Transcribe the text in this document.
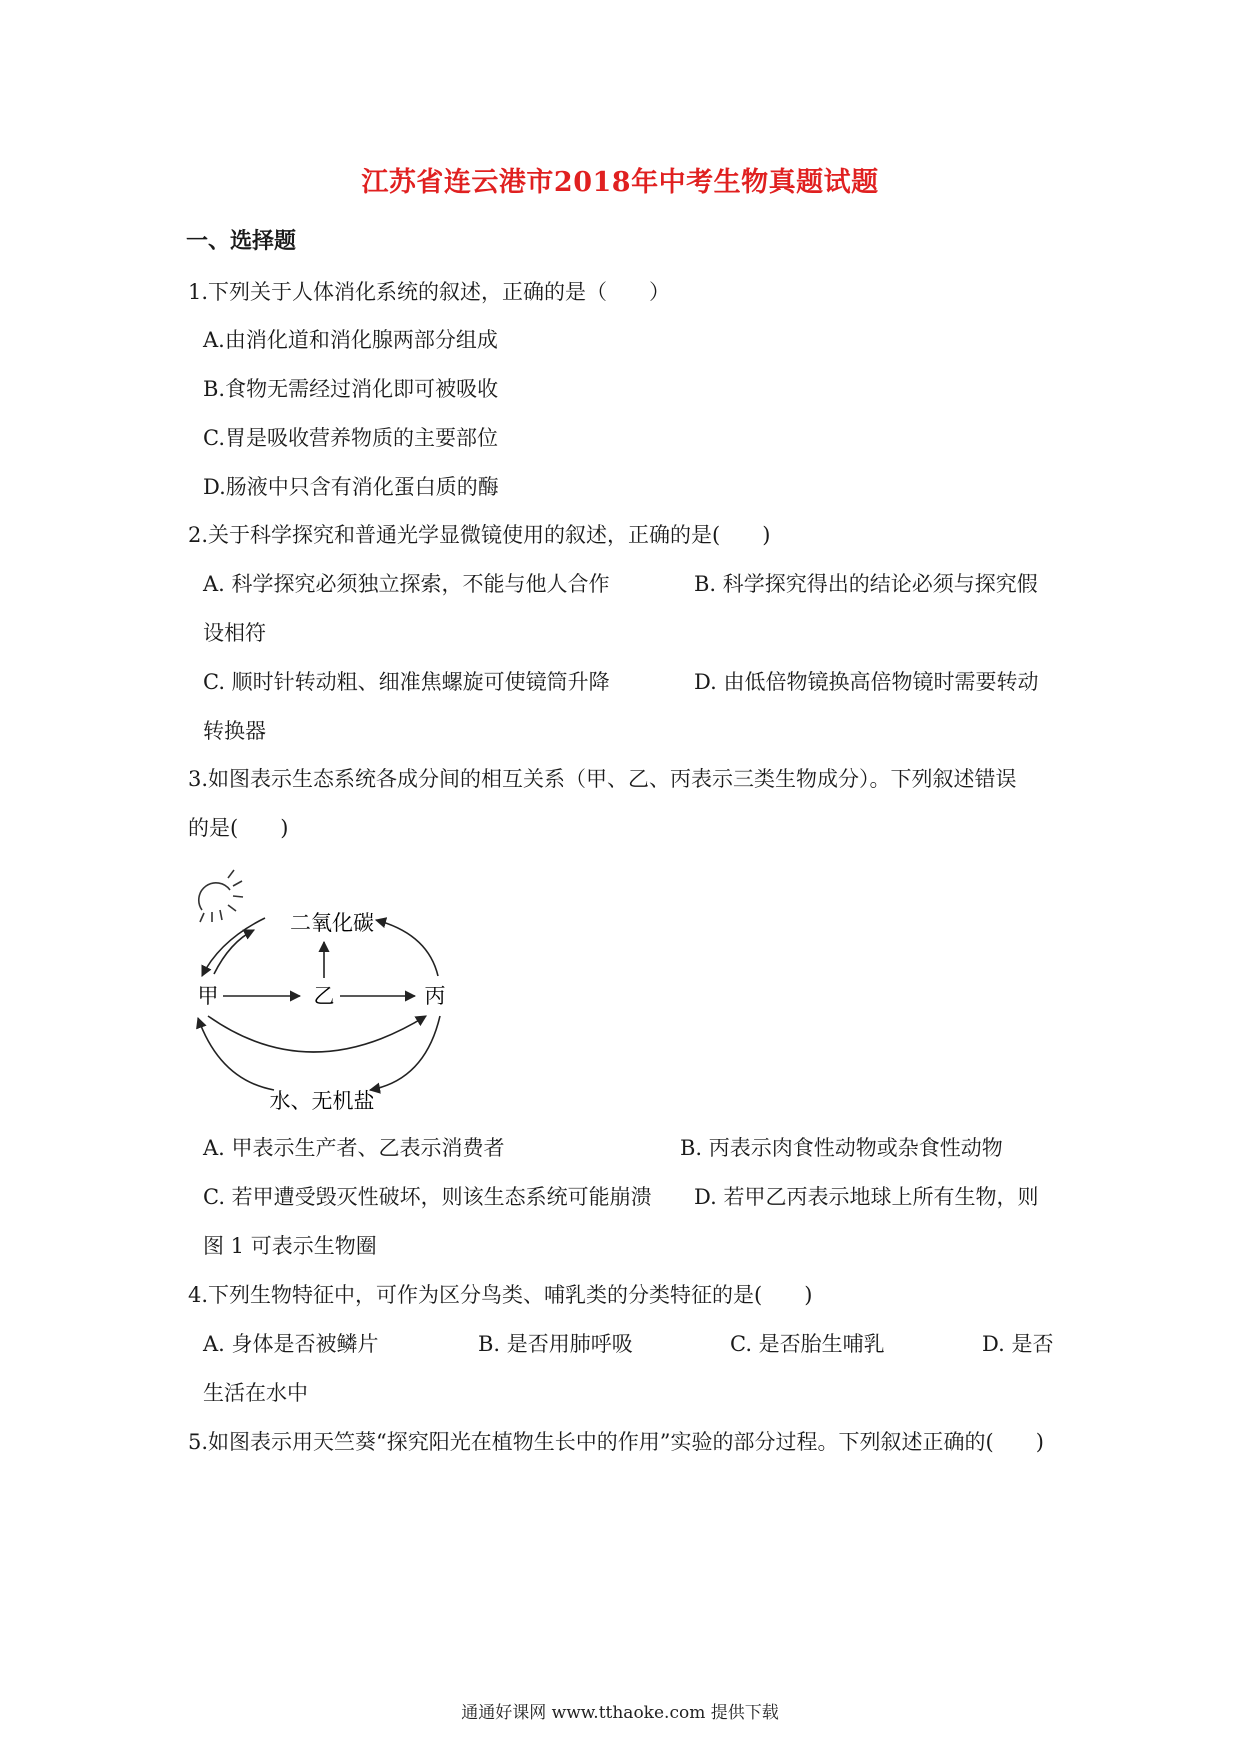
江苏省连云港市2018年中考生物真题试题
一、选择题
1.下列关于人体消化系统的叙述，正确的是（　　）
A.由消化道和消化腺两部分组成
B.食物无需经过消化即可被吸收
C.胃是吸收营养物质的主要部位
D.肠液中只含有消化蛋白质的酶
2.关于科学探究和普通光学显微镜使用的叙述，正确的是(　　)
A. 科学探究必须独立探索，不能与他人合作	B. 科学探究得出的结论必须与探究假
设相符
C. 顺时针转动粗、细准焦螺旋可使镜筒升降	D. 由低倍物镜换高倍物镜时需要转动
转换器
3.如图表示生态系统各成分间的相互关系（甲、乙、丙表示三类生物成分）。下列叙述错误
的是(　　)
二氧化碳
甲	乙	丙
水、无机盐
A. 甲表示生产者、乙表示消费者	B. 丙表示肉食性动物或杂食性动物
C. 若甲遭受毁灭性破坏，则该生态系统可能崩溃 D. 若甲乙丙表示地球上所有生物，则
图 1 可表示生物圈
4.下列生物特征中，可作为区分鸟类、哺乳类的分类特征的是(　　)
A. 身体是否被鳞片	B. 是否用肺呼吸	C. 是否胎生哺乳	D. 是否
生活在水中
5.如图表示用天竺葵“探究阳光在植物生长中的作用”实验的部分过程。下列叙述正确的(　　)
通通好课网 www.tthaoke.com 提供下载
